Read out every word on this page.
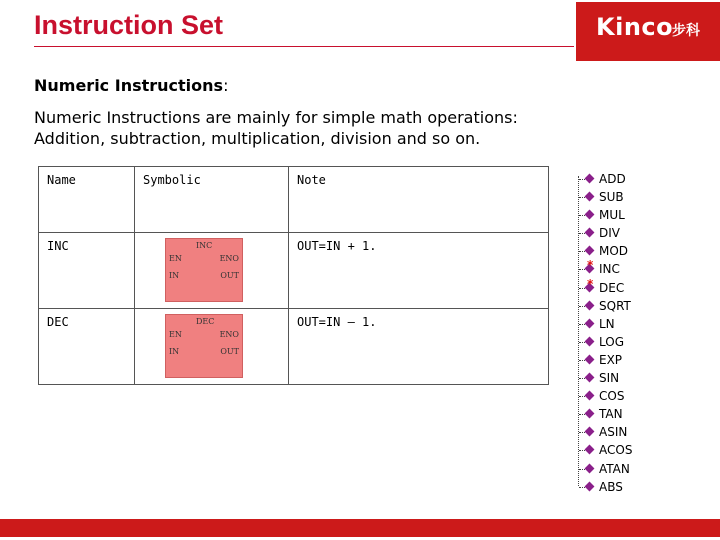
Instruction Set	Kinco
步科
Numeric Instructions:
Numeric Instructions are mainly for simple math operations: Addition, subtraction, multiplication, division and so on.
Name	Symbolic	Note
INC	INC
EN ENO
IN OUT	OUT=IN + 1.
DEC	DEC
EN ENO
IN OUT	OUT=IN – 1.
ADD
SUB
MUL
DIV
MOD
* INC
* DEC
SQRT
LN
LOG
EXP
SIN
COS
TAN
ASIN
ACOS
ATAN
ABS
